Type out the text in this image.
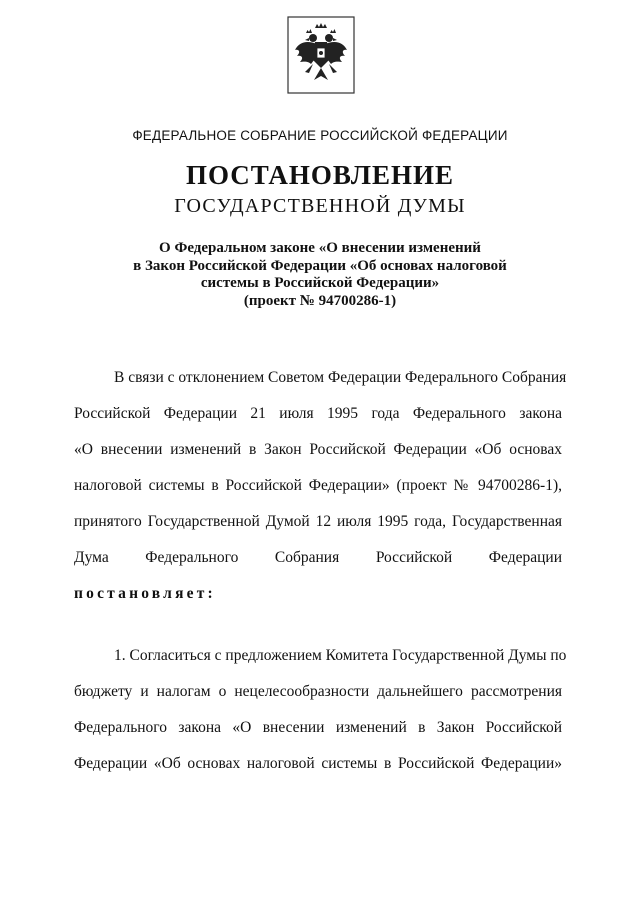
ФЕДЕРАЛЬНОЕ СОБРАНИЕ РОССИЙСКОЙ ФЕДЕРАЦИИ
ПОСТАНОВЛЕНИЕ
ГОСУДАРСТВЕННОЙ ДУМЫ
О Федеральном законе «О внесении изменений
в Закон Российской Федерации «Об основах налоговой
системы в Российской Федерации»
(проект № 94700286-1)
В связи с отклонением Советом Федерации Федерального Собрания
Российской Федерации 21 июля 1995 года Федерального закона
«О внесении изменений в Закон Российской Федерации «Об основах
налоговой системы в Российской Федерации» (проект № 94700286-1),
принятого Государственной Думой 12 июля 1995 года, Государственная
Дума Федерального Собрания Российской Федерации
постановляет:
1. Согласиться с предложением Комитета Государственной Думы по
бюджету и налогам о нецелесообразности дальнейшего рассмотрения
Федерального закона «О внесении изменений в Закон Российской
Федерации «Об основах налоговой системы в Российской Федерации»
